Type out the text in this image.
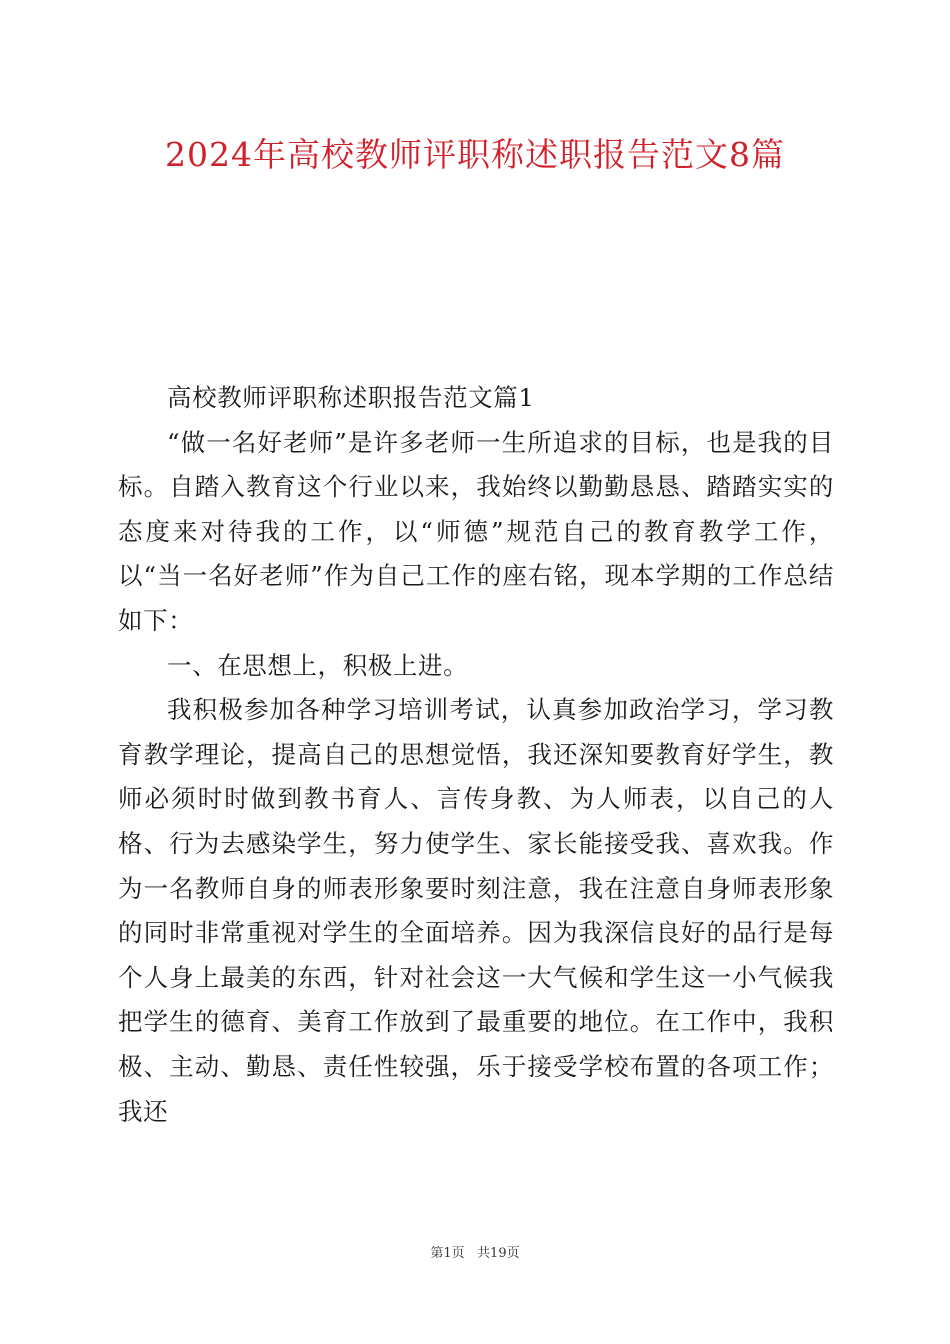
2024年高校教师评职称述职报告范文8篇

高校教师评职称述职报告范文篇1

“做一名好老师”是许多老师一生所追求的目标，也是我的目标。自踏入教育这个行业以来，我始终以勤勤恳恳、踏踏实实的态度来对待我的工作，以“师德”规范自己的教育教学工作，以“当一名好老师”作为自己工作的座右铭，现本学期的工作总结如下：

一、在思想上，积极上进。

我积极参加各种学习培训考试，认真参加政治学习，学习教育教学理论，提高自己的思想觉悟，我还深知要教育好学生，教师必须时时做到教书育人、言传身教、为人师表，以自己的人格、行为去感染学生，努力使学生、家长能接受我、喜欢我。作为一名教师自身的师表形象要时刻注意，我在注意自身师表形象的同时非常重视对学生的全面培养。因为我深信良好的品行是每个人身上最美的东西，针对社会这一大气候和学生这一小气候我把学生的德育、美育工作放到了最重要的地位。在工作中，我积极、主动、勤恳、责任性较强，乐于接受学校布置的各项工作；我还

第1页   共19页
